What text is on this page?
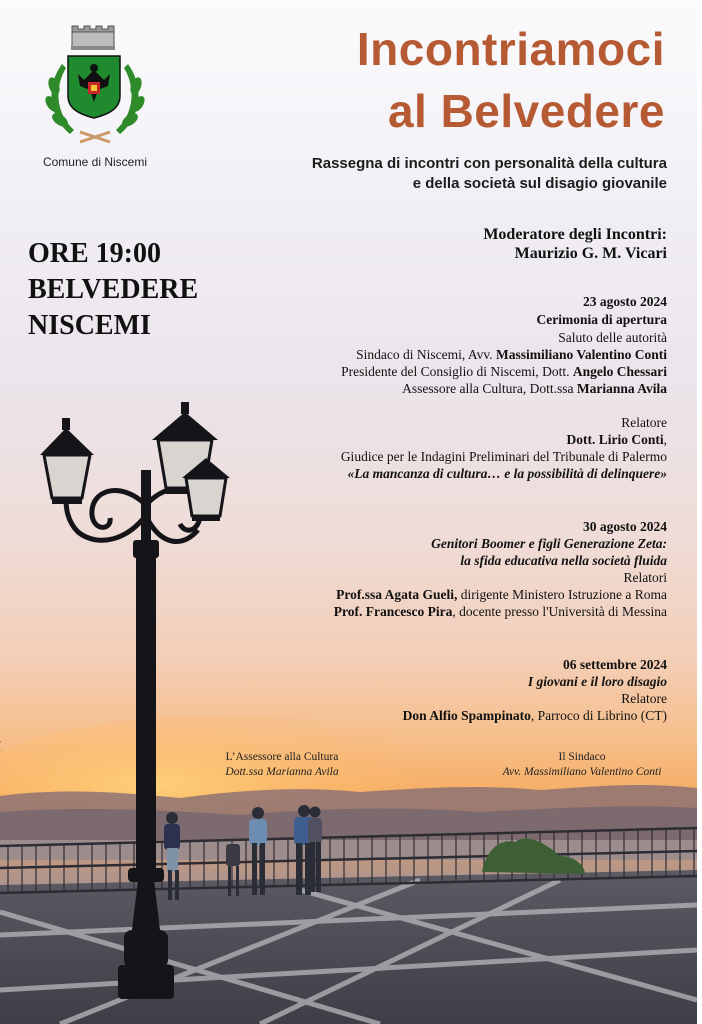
Comune di Niscemi
Incontriamoci
al Belvedere
Rassegna di incontri con personalità della cultura
e della società sul disagio giovanile
ORE 19:00
BELVEDERE
NISCEMI
Moderatore degli Incontri:
Maurizio G. M. Vicari
23 agosto 2024
Cerimonia di apertura
Saluto delle autorità
Sindaco di Niscemi, Avv. Massimiliano Valentino Conti
Presidente del Consiglio di Niscemi, Dott. Angelo Chessari
Assessore alla Cultura, Dott.ssa Marianna Avila
Relatore
Dott. Lirio Conti,
Giudice per le Indagini Preliminari del Tribunale di Palermo
«La mancanza di cultura… e la possibilità di delinquere»
30 agosto 2024
Genitori Boomer e figli Generazione Zeta:
la sfida educativa nella società fluida
Relatori
Prof.ssa Agata Gueli, dirigente Ministero Istruzione a Roma
Prof. Francesco Pira, docente presso l'Università di Messina
06 settembre 2024
I giovani e il loro disagio
Relatore
Don Alfio Spampinato, Parroco di Librino (CT)
L’Assessore alla Cultura
Dott.ssa Marianna Avila
Il Sindaco
Avv. Massimiliano Valentino Conti
